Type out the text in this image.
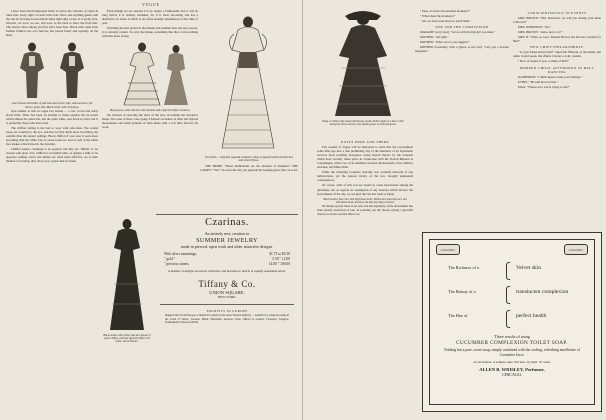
VOGUE

I have been much impressed lately to notice the varieties of styles in toilet fans. Ivory, light, covered with coats, fiber, and anything gauze with the and be drawing nowest hands when light slips a bust. It is pretty, fine, silvered, we were, we see, and wore to the back to show the front hair. The narrow lines among and furs have been here. Black with some little fashion fashion was ever heavier, but placed finely and squarely on the head.

Lunch blouse and bodice of pale blue and cream crepe, small and lace, full sleeves; green silks. Black velvet collar trimmings.

style similar to that in vogue last season — a low crown and fairly broad brim. There has been an attempt to make popular the tri-corner which almost the entire hat, has the plain white, and black in front, but it is preferably those who have tried.

The chiffon veiling is the best to wear with tailor-hats. The softest loops are wearing to the eye, and has not had much more becoming and suitable than the dotted veilings. Black chiffon if you wear it seen more becoming than the white, but of course looks too best as well as the white face makes a black hood is the dressing.

Chiffon barker, continues to be popular, but they are "dimity" to be chosen with great care. Chiffon is an Indian bliss, as applies a little to be opposite striking colors and shades are often most effective. As to their method of wearing, they allow you a great deal for them.

Even though we are assured it is no longer a fashionable fad, it will be long before it is entirely banished, for it is most becoming and has a distinctive air about it which is not often enough remembered at this time of year.

Watching the best period in the middle and summer hats, the new season, it is certainly certain. To carry the theme, something like that, to has nothing with that more strong.

House gown, white and rose satin pleated, and a figured chiffon overdress.

the wisdom of selecting the dress of the new, in nothing the deceptive shape. The taste of these were going. Fashion's novelties of silks and figured mousselines and small patterns of satin made with a soft little flowers are worn.

Two toilets — light flax organdie, trimmed; collars of figured muslin and fine lace and velvet ribbons.

THE BRIDE: "These millinations are the moment of mankind." THE LADIES: "Yes!" Do tears the day you upgrade the looking-glass who cares us!

Black muslin with yellow and lace blouse of point-chiffon, and side figured chiffon; the white; sleeve flounce.
Czarinas.
An entirely new creation in
SUMMER JEWELRY
made in pierced, open work and other attractive designs.
With silver mountings,	$1.75 to $5.50
" gold "	5.50 " 12.00
" precious stones,	14.00 " 100.00
A number of designs are shown with belts; and bracelets to match, at equally reasonable prices.
Tiffany & Co.
UNION SQUARE,
NEW YORK.
TOURISTS IN EUROPE
Shipped direct from Europe or landed in London by the Great Western Railway — ALWAYS to whatever points in the world of Venice, Lucerne, Milan, Marseilles, Antwerp, Paris. Offices at London, Liverpool, Glasgow, Southampton, Florence, Berlin.
Wrap, in white crepe meant dull brown muslin. Yellow light on a bare collar and gown with a narrow, tiny sheath-green. Lo belt and gown.
NOTES HERE AND THERE

Fair readers of Vogue will be interested to learn that the Government some time ago into a rule prohibiting any of the members of its diplomatic services from wedding foreigners, being moved thereto by the scandals which have recently taken place in connection with the French Mission at Copenhagen, where two of its members became the husbands of the military attached, and Mme Sixth.

While the charming Countess d'Aramy was certainly innocent of any indiscretions, yet the jealous rivalry of the two, brought unpleasant consequences.

Of course, dolls of this sort are bound to cause heart-burns among the diplomats, but as regards an assumption of any honours which involve the Government of the day, we are glad the rule has been so made.

Black muslin, flow, lace with light fawn moire. Yellow lace and Lady lace veil with black hood, and hose hat that also high-crowned.

Of unique gowns there is no end, and the ingenuity of the dressmaker has been greatly exercised of late, in pointing out the modes giving a graceful chance to frocks and the effect too.

" Papa, do more dressed than monkeys?"

" What about the monkeys?"

" Ah, we must send tutors to teach them."

ONE FOR THE COMPLEXION

MADAME (very tired): "Let us with the first girl you meet."

MOTHER: "All right."

MOTHER: "What can do you suggest?"

MOTHER (resolutely, with a glance at her bill): "Let's get a powder magazine."

CONSCIENTIOUSLY IN EVENTS

MRS. BROWN: "Mrs. Robinson, we will you change your mine to Brown?"

MRS. ROBINSON: "Yes."

MRS. BROWN: "Alice, dear, is it?"

MRS. B: "What, so soon. Thomas Brown, has the bare creature for him?"

NEW CHIEF PHILANTHROPY

" Is your friend about fresh?" asked Mr. Hillside, of the kinder, but rather would speak, the affable Colonel, on all, wonder.

" How of stupid of you, to think of him?"

MODERN CHILD: AFTERNOON AT BALL DANCING

KATHERINE: "I didn't mean to hurt your feelings."

ETHEL: "He said he loved me."

MAX: "Whose ever you're trying to tell?"

Cucumber	Cucumber
The Richness of a	Velvet skin
The Beauty of a	translucent complexion
The Hue of	perfect health
Three results of using
CUCUMBER COMPLEXION TOILET SOAP.
Nothing but a pure, sweet soap; simply combined with the cooling, refreshing emollience of Cucumber Juice.
At all dealers. A sample cake, full size, by mail, 10 cents.
ALLEN B. WRISLEY, Perfumer,
CHICAGO.
